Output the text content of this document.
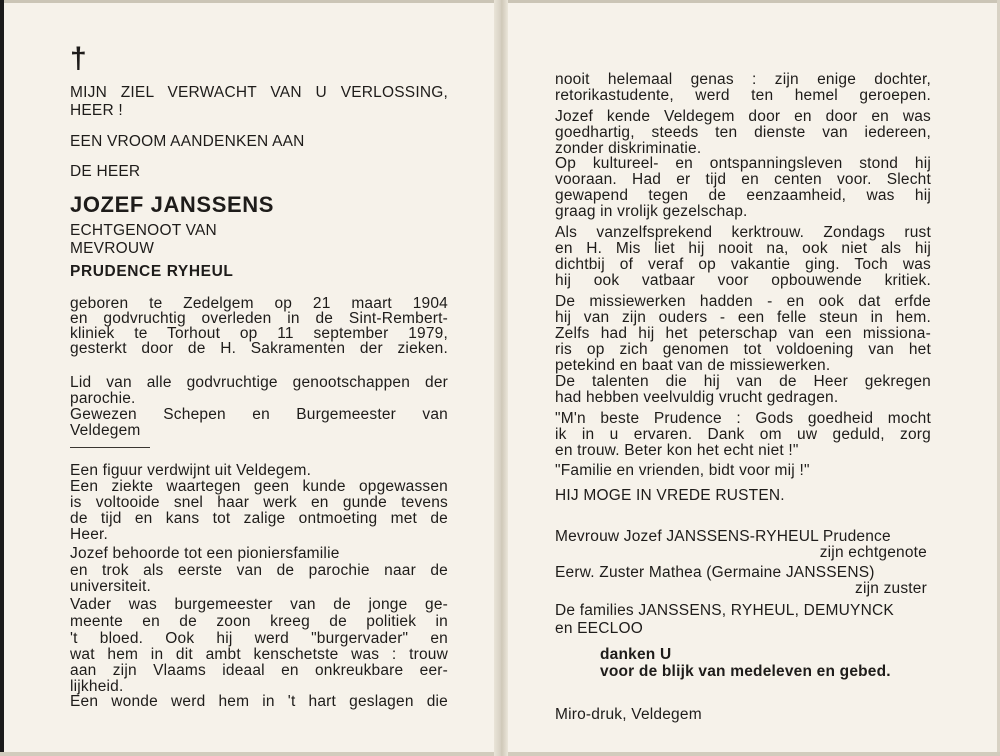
†
MIJN ZIEL VERWACHT VAN U VERLOSSING,
HEER !
EEN VROOM AANDENKEN AAN
DE HEER
JOZEF JANSSENS
ECHTGENOOT VAN
MEVROUW
PRUDENCE RYHEUL
geboren te Zedelgem op 21 maart 1904
en godvruchtig overleden in de Sint-Rembert-
kliniek te Torhout op 11 september 1979,
gesterkt door de H. Sakramenten der zieken.
Lid van alle godvruchtige genootschappen der
parochie.
Gewezen Schepen en Burgemeester van
Veldegem
Een figuur verdwijnt uit Veldegem.
Een ziekte waartegen geen kunde opgewassen
is voltooide snel haar werk en gunde tevens
de tijd en kans tot zalige ontmoeting met de
Heer.
Jozef behoorde tot een pioniersfamilie
en trok als eerste van de parochie naar de
universiteit.
Vader was burgemeester van de jonge ge-
meente en de zoon kreeg de politiek in
't bloed. Ook hij werd "burgervader" en
wat hem in dit ambt kenschetste was : trouw
aan zijn Vlaams ideaal en onkreukbare eer-
lijkheid.
Een wonde werd hem in 't hart geslagen die
nooit helemaal genas : zijn enige dochter,
retorikastudente, werd ten hemel geroepen.
Jozef kende Veldegem door en door en was
goedhartig, steeds ten dienste van iedereen,
zonder diskriminatie.
Op kultureel- en ontspanningsleven stond hij
vooraan. Had er tijd en centen voor. Slecht
gewapend tegen de eenzaamheid, was hij
graag in vrolijk gezelschap.
Als vanzelfsprekend kerktrouw. Zondags rust
en H. Mis liet hij nooit na, ook niet als hij
dichtbij of veraf op vakantie ging. Toch was
hij ook vatbaar voor opbouwende kritiek.
De missiewerken hadden - en ook dat erfde
hij van zijn ouders - een felle steun in hem.
Zelfs had hij het peterschap van een missiona-
ris op zich genomen tot voldoening van het
petekind en baat van de missiewerken.
De talenten die hij van de Heer gekregen
had hebben veelvuldig vrucht gedragen.
"M'n beste Prudence : Gods goedheid mocht
ik in u ervaren. Dank om uw geduld, zorg
en trouw. Beter kon het echt niet !"
"Familie en vrienden, bidt voor mij !"
HIJ MOGE IN VREDE RUSTEN.
Mevrouw Jozef JANSSENS-RYHEUL Prudence
zijn echtgenote
Eerw. Zuster Mathea (Germaine JANSSENS)
zijn zuster
De families JANSSENS, RYHEUL, DEMUYNCK
en EECLOO
danken U
voor de blijk van medeleven en gebed.
Miro-druk, Veldegem
